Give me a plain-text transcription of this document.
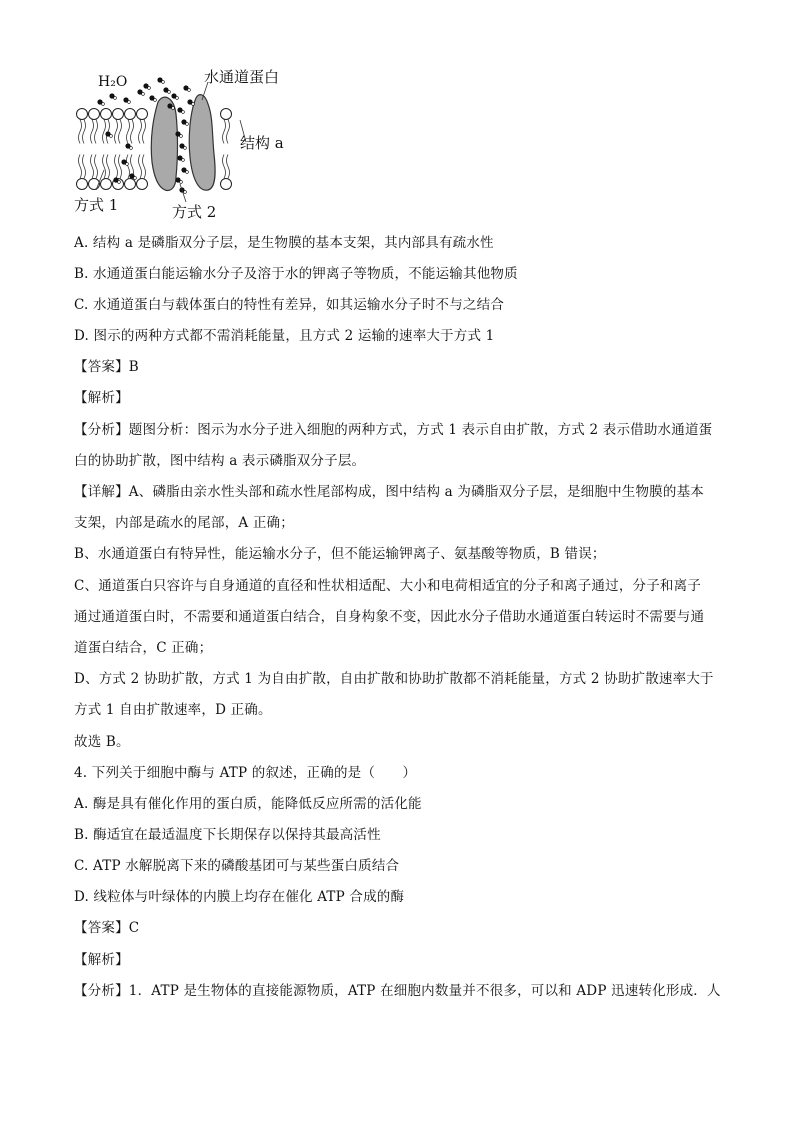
H₂O	水通道蛋白
结构 a
方式 1	方式 2
A. 结构 a 是磷脂双分子层，是生物膜的基本支架，其内部具有疏水性
B. 水通道蛋白能运输水分子及溶于水的钾离子等物质，不能运输其他物质
C. 水通道蛋白与载体蛋白的特性有差异，如其运输水分子时不与之结合
D. 图示的两种方式都不需消耗能量，且方式 2 运输的速率大于方式 1
【答案】B
【解析】
【分析】题图分析：图示为水分子进入细胞的两种方式，方式 1 表示自由扩散，方式 2 表示借助水通道蛋
白的协助扩散，图中结构 a 表示磷脂双分子层。
【详解】A、磷脂由亲水性头部和疏水性尾部构成，图中结构 a 为磷脂双分子层，是细胞中生物膜的基本
支架，内部是疏水的尾部，A 正确；
B、水通道蛋白有特异性，能运输水分子，但不能运输钾离子、氨基酸等物质，B 错误；
C、通道蛋白只容许与自身通道的直径和性状相适配、大小和电荷相适宜的分子和离子通过，分子和离子
通过通道蛋白时，不需要和通道蛋白结合，自身构象不变，因此水分子借助水通道蛋白转运时不需要与通
道蛋白结合，C 正确；
D、方式 2 协助扩散，方式 1 为自由扩散，自由扩散和协助扩散都不消耗能量，方式 2 协助扩散速率大于
方式 1 自由扩散速率，D 正确。
故选 B。
4. 下列关于细胞中酶与 ATP 的叙述，正确的是（　　）
A. 酶是具有催化作用的蛋白质，能降低反应所需的活化能
B. 酶适宜在最适温度下长期保存以保持其最高活性
C. ATP 水解脱离下来的磷酸基团可与某些蛋白质结合
D. 线粒体与叶绿体的内膜上均存在催化 ATP 合成的酶
【答案】C
【解析】
【分析】1．ATP 是生物体的直接能源物质，ATP 在细胞内数量并不很多，可以和 ADP 迅速转化形成．人
